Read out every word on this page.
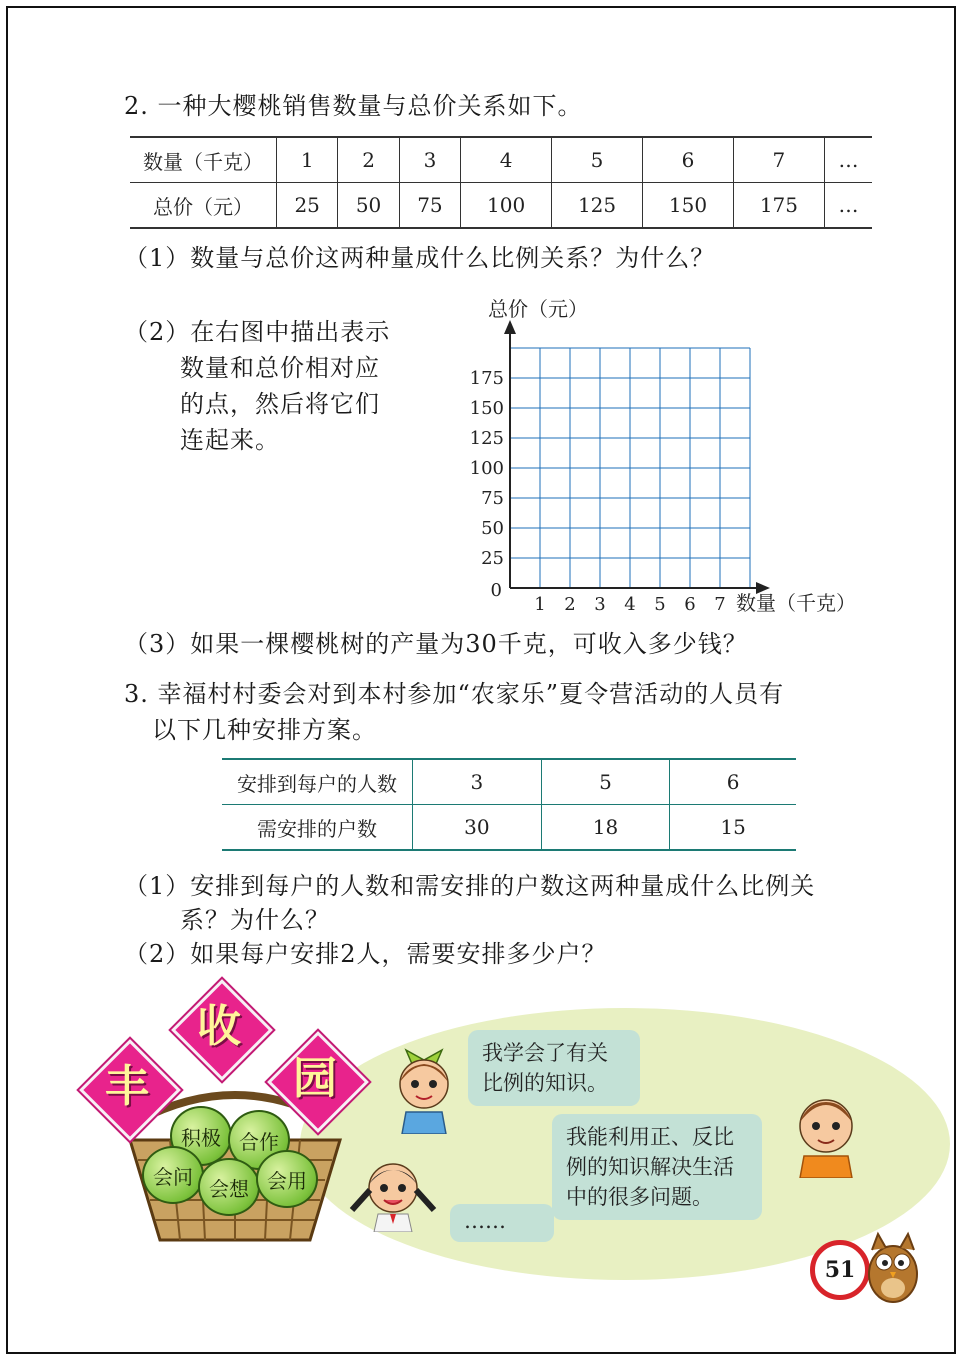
2. 一种大樱桃销售数量与总价关系如下。
数量（千克）	1	2	3	4	5	6	7	…
总价（元）	25	50	75	100	125	150	175	…
（1）数量与总价这两种量成什么比例关系？为什么？
（2）在右图中描出表示
数量和总价相对应
的点，然后将它们
连起来。
总价（元）
数量（千克）
0
1 2 3 4 5 6 7
25
50
75
100
125
150
175
（3）如果一棵樱桃树的产量为30千克，可收入多少钱？
3. 幸福村村委会对到本村参加“农家乐”夏令营活动的人员有
以下几种安排方案。
安排到每户的人数	3	5	6
需安排的户数	30	18	15
（1）安排到每户的人数和需安排的户数这两种量成什么比例关
系？为什么？
（2）如果每户安排2人，需要安排多少户？
积极 合作
会问 会想 会用
丰
收
园	我学会了有关
比例的知识。
我能利用正、反比
例的知识解决生活
中的很多问题。
……
51
